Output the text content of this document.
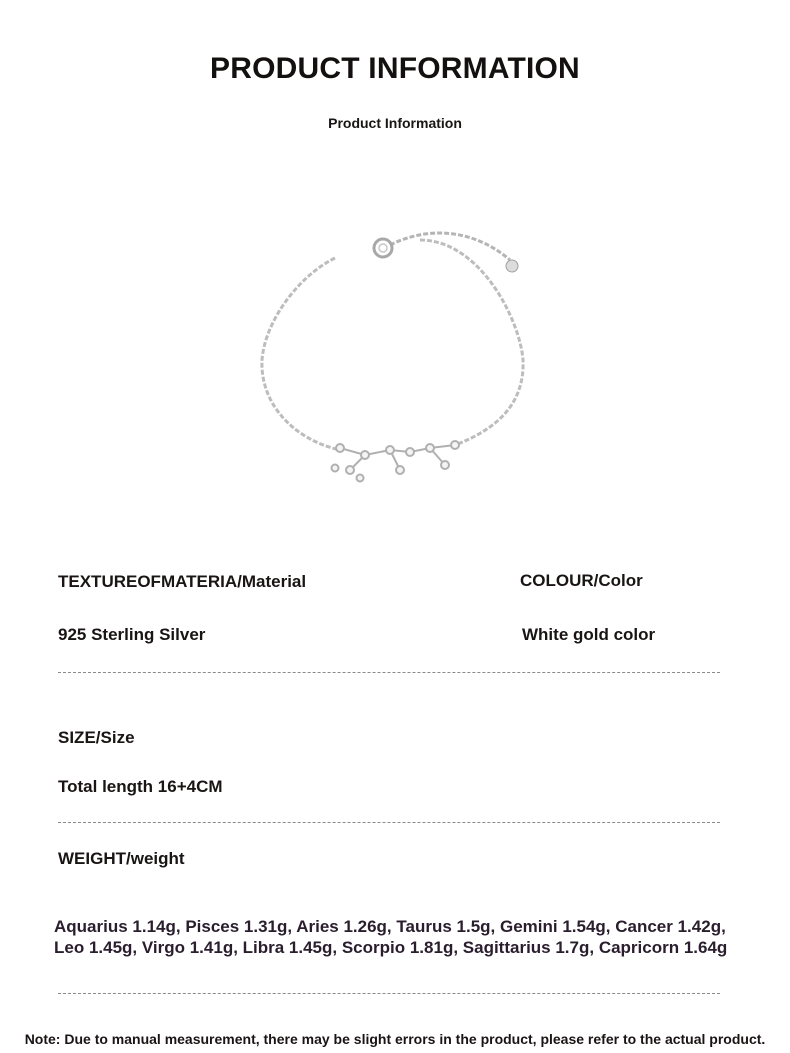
PRODUCT INFORMATION
Product Information
TEXTUREOFMATERIA/Material	COLOUR/Color
925 Sterling Silver	White gold color
SIZE/Size
Total length 16+4CM
WEIGHT/weight
Aquarius 1.14g, Pisces 1.31g, Aries 1.26g, Taurus 1.5g, Gemini 1.54g, Cancer 1.42g,
Leo 1.45g, Virgo 1.41g, Libra 1.45g, Scorpio 1.81g, Sagittarius 1.7g, Capricorn 1.64g
Note: Due to manual measurement, there may be slight errors in the product, please refer to the actual product.
